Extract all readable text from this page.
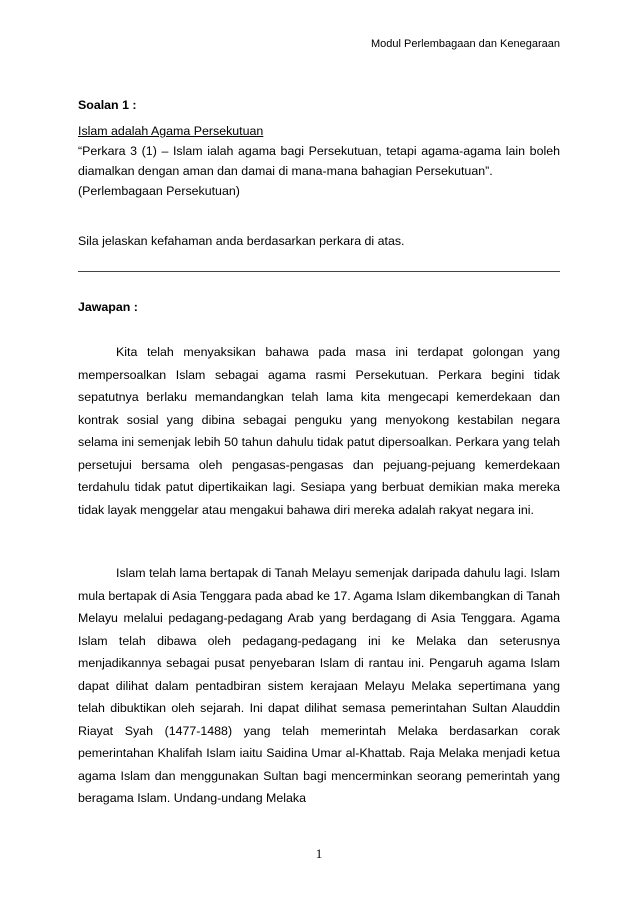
Modul Perlembagaan dan Kenegaraan
Soalan 1 :
Islam adalah Agama Persekutuan
“Perkara 3 (1) – Islam ialah agama bagi Persekutuan, tetapi agama-agama lain boleh diamalkan dengan aman dan damai di mana-mana bahagian Persekutuan”.
(Perlembagaan Persekutuan)
Sila jelaskan kefahaman anda berdasarkan perkara di atas.
Jawapan :

Kita telah menyaksikan bahawa pada masa ini terdapat golongan yang mempersoalkan Islam sebagai agama rasmi Persekutuan. Perkara begini tidak sepatutnya berlaku memandangkan telah lama kita mengecapi kemerdekaan dan kontrak sosial yang dibina sebagai penguku yang menyokong kestabilan negara selama ini semenjak lebih 50 tahun dahulu tidak patut dipersoalkan. Perkara yang telah persetujui bersama oleh pengasas-pengasas dan pejuang-pejuang kemerdekaan terdahulu tidak patut dipertikaikan lagi. Sesiapa yang berbuat demikian maka mereka tidak layak menggelar atau mengakui bahawa diri mereka adalah rakyat negara ini.

Islam telah lama bertapak di Tanah Melayu semenjak daripada dahulu lagi. Islam mula bertapak di Asia Tenggara pada abad ke 17. Agama Islam dikembangkan di Tanah Melayu melalui pedagang-pedagang Arab yang berdagang di Asia Tenggara. Agama Islam telah dibawa oleh pedagang-pedagang ini ke Melaka dan seterusnya menjadikannya sebagai pusat penyebaran Islam di rantau ini. Pengaruh agama Islam dapat dilihat dalam pentadbiran sistem kerajaan Melayu Melaka sepertimana yang telah dibuktikan oleh sejarah. Ini dapat dilihat semasa pemerintahan Sultan Alauddin Riayat Syah (1477-1488) yang telah memerintah Melaka berdasarkan corak pemerintahan Khalifah Islam iaitu Saidina Umar al-Khattab. Raja Melaka menjadi ketua agama Islam dan menggunakan Sultan bagi mencerminkan seorang pemerintah yang beragama Islam. Undang-undang Melaka

1
